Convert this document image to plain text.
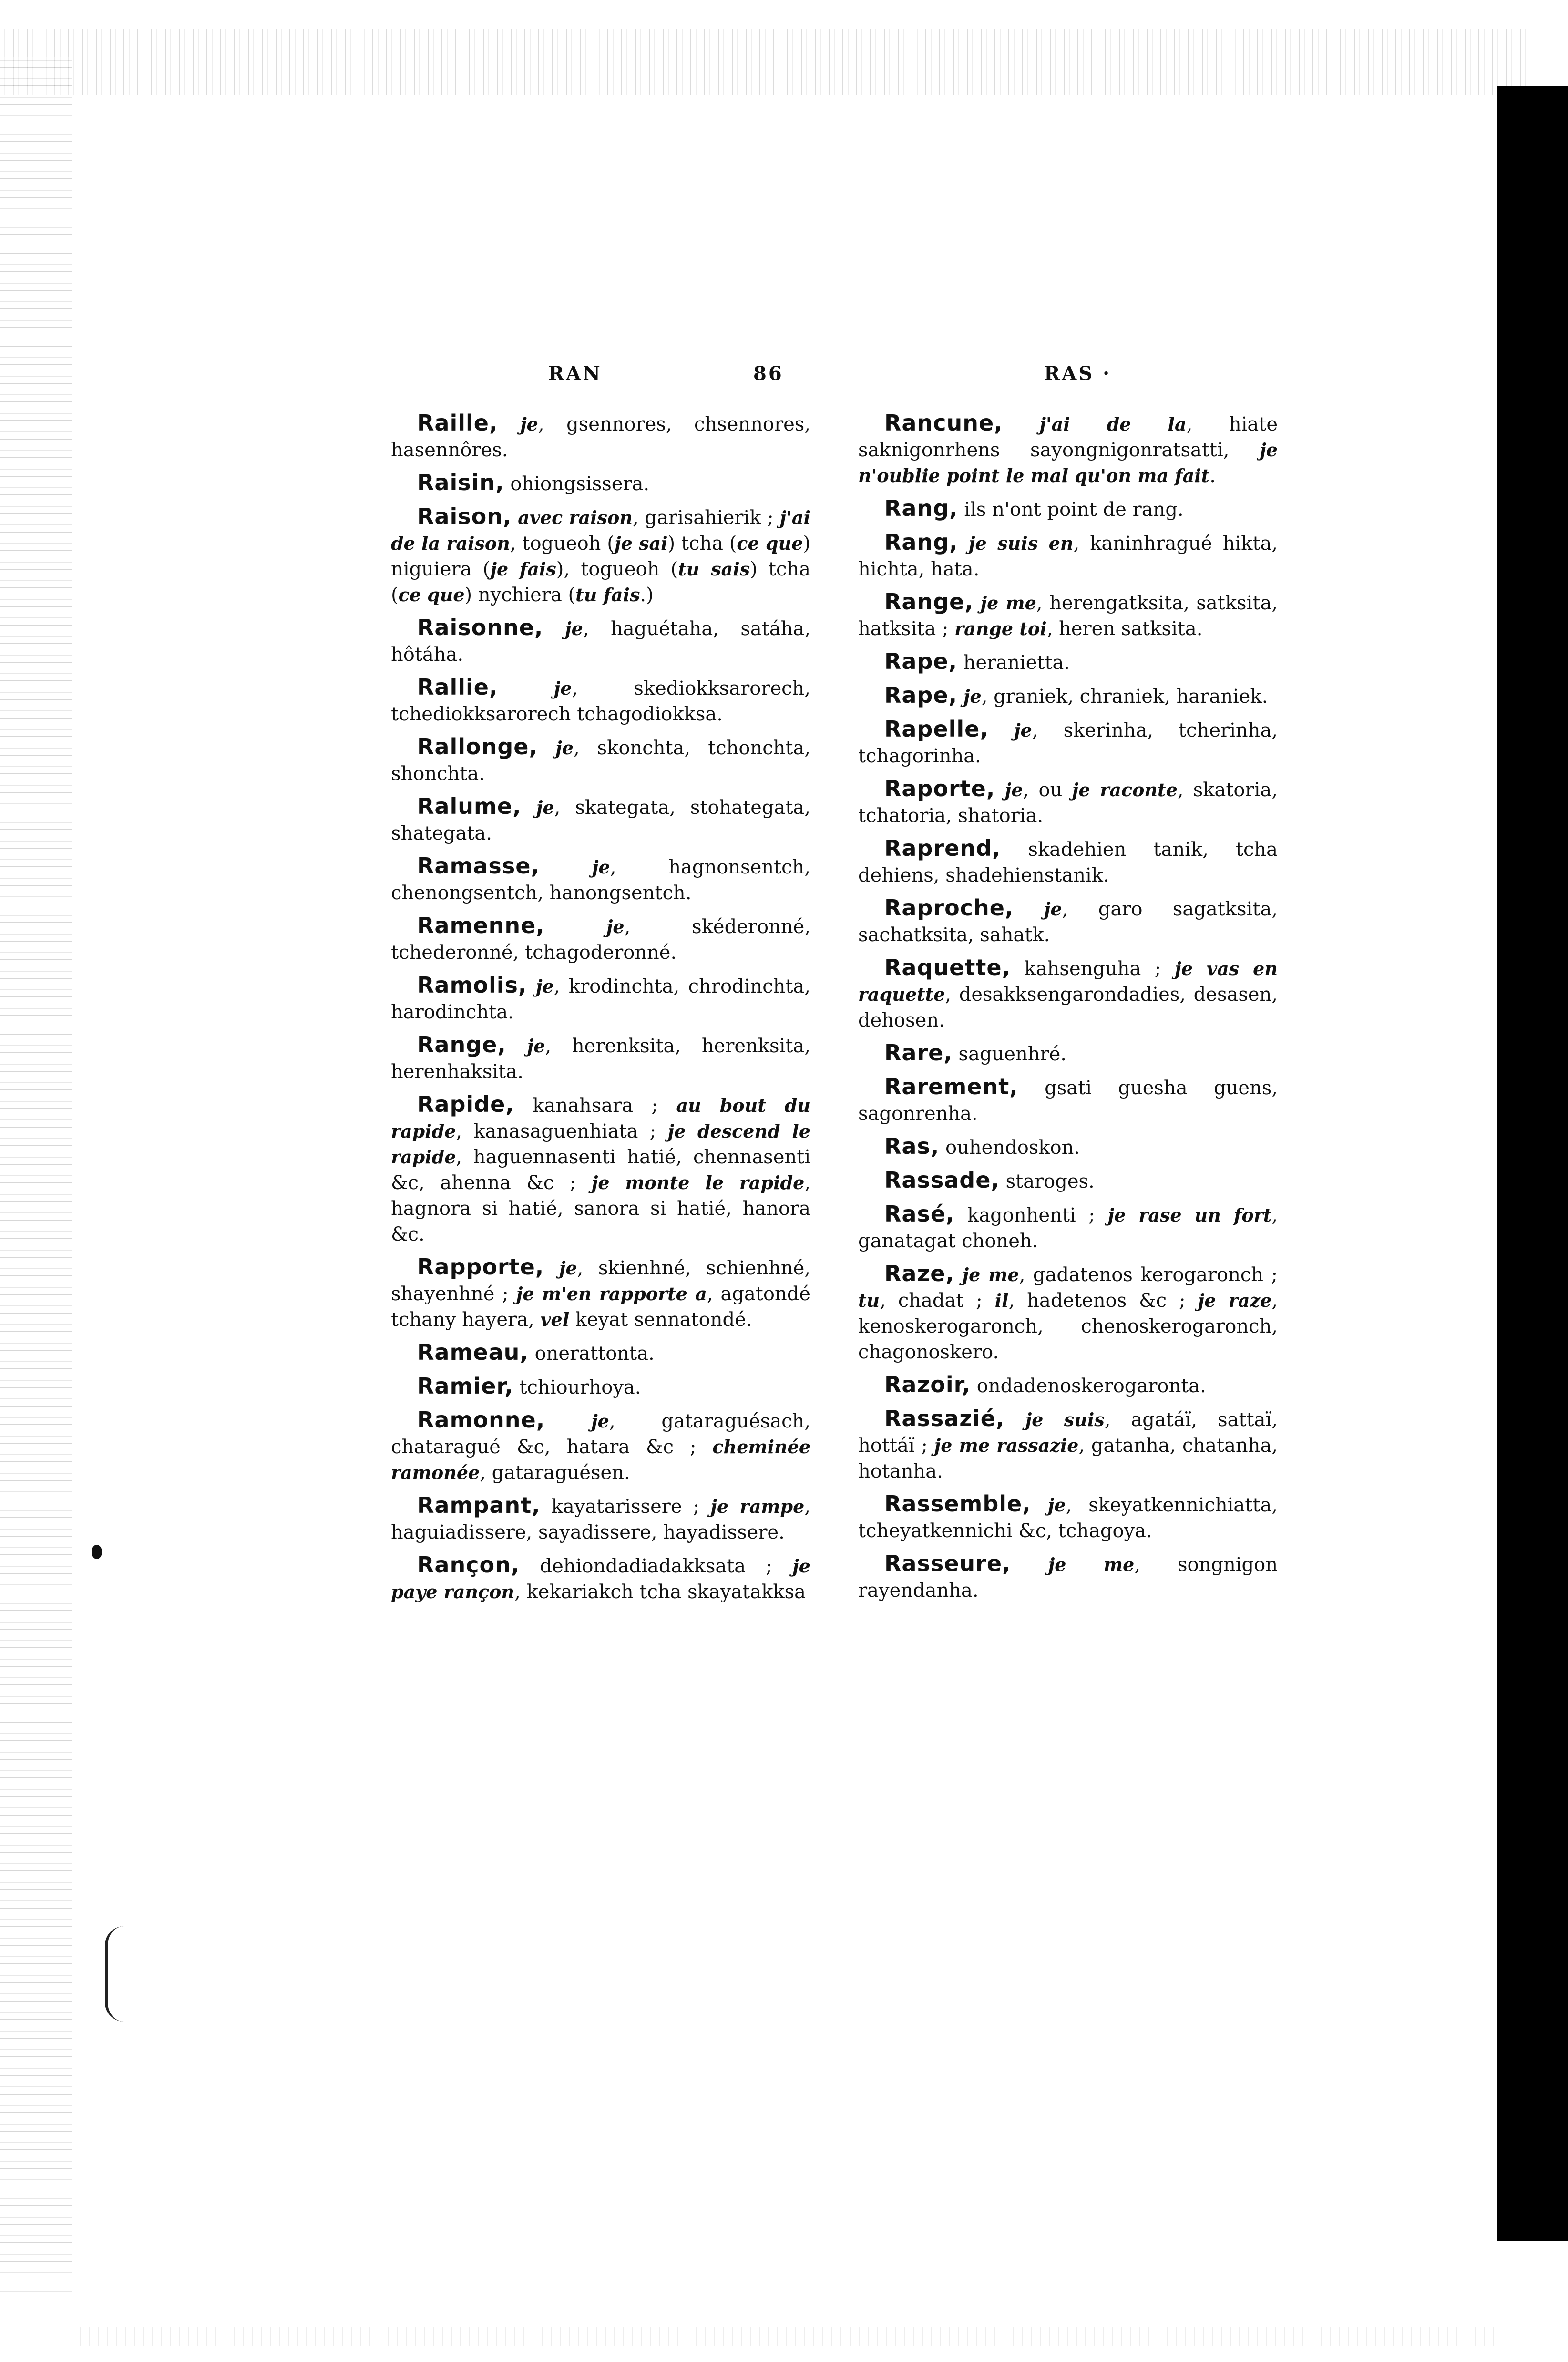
RAN	86	RAS ·

Raille, je, gsennores, chsennores, hasennôres.

Raisin, ohiongsissera.

Raison, avec raison, garisahierik ; j'ai de la raison, togueoh (je sai) tcha (ce que) niguiera (je fais), togueoh (tu sais) tcha (ce que) nychiera (tu fais.)

Raisonne, je, haguétaha, satáha, hôtáha.

Rallie,	je, skediokksarorech, tchediokksarorech tchagodiokksa.

Rallonge, je, skonchta, tchonchta, shonchta.

Ralume, je, skategata, stohategata, shategata.

Ramasse,	je, hagnonsentch, chenongsentch, hanongsentch.

Ramenne,	je, skéderonné, tchederonné, tchagoderonné.

Ramolis, je, krodinchta, chrodinchta, harodinchta.

Range, je, herenksita, herenksita, herenhaksita.

Rapide, kanahsara ; au bout du rapide, kanasaguenhiata ; je descend le rapide, haguennasenti hatié, chennasenti &c, ahenna &c ; je monte le rapide, hagnora si hatié, sanora si hatié, hanora &c.

Rapporte, je, skienhné, schienhné, shayenhné ; je m'en rapporte a, agatondé tchany hayera, vel keyat sennatondé.

Rameau, onerattonta.

Ramier, tchiourhoya.

Ramonne,	je, gataraguésach, chataragué &c, hatara &c ; cheminée ramonée, gataraguésen.

Rampant, kayatarissere ; je rampe, haguiadissere, sayadissere, hayadissere.

Rançon, dehiondadiadakksata ; je paye rançon, kekariakch tcha skayatakksa

Rancune, j'ai de la, hiate saknigonrhens sayongnigonratsatti, je n'oublie point le mal qu'on ma fait.

Rang, ils n'ont point de rang.

Rang, je suis en, kaninhragué hikta, hichta, hata.

Range, je me, herengatksita, satksita, hatksita ; range toi, heren satksita.

Rape, heranietta.

Rape, je, graniek, chraniek, haraniek.

Rapelle, je, skerinha, tcherinha, tchagorinha.

Raporte, je, ou je raconte, skatoria, tchatoria, shatoria.

Raprend, skadehien tanik, tcha dehiens, shadehienstanik.

Raproche, je, garo sagatksita, sachatksita, sahatk.

Raquette, kahsenguha ; je vas en raquette, desakksengarondadies, desasen, dehosen.

Rare, saguenhré.

Rarement, gsati guesha guens, sagonrenha.

Ras, ouhendoskon.

Rassade, staroges.

Rasé, kagonhenti ; je rase un fort, ganatagat choneh.

Raze, je me, gadatenos kerogaronch ; tu, chadat ; il, hadetenos &c ; je raze, kenoskerogaronch, chenoskerogaronch, chagonoskero.

Razoir, ondadenoskerogaronta.

Rassazié, je suis, agatáï, sattaï, hottáï ; je me rassazie, gatanha, chatanha, hotanha.

Rassemble, je, skeyatkennichiatta, tcheyatkennichi &c, tchagoya.

Rasseure, je me, songnigon rayendanha.
